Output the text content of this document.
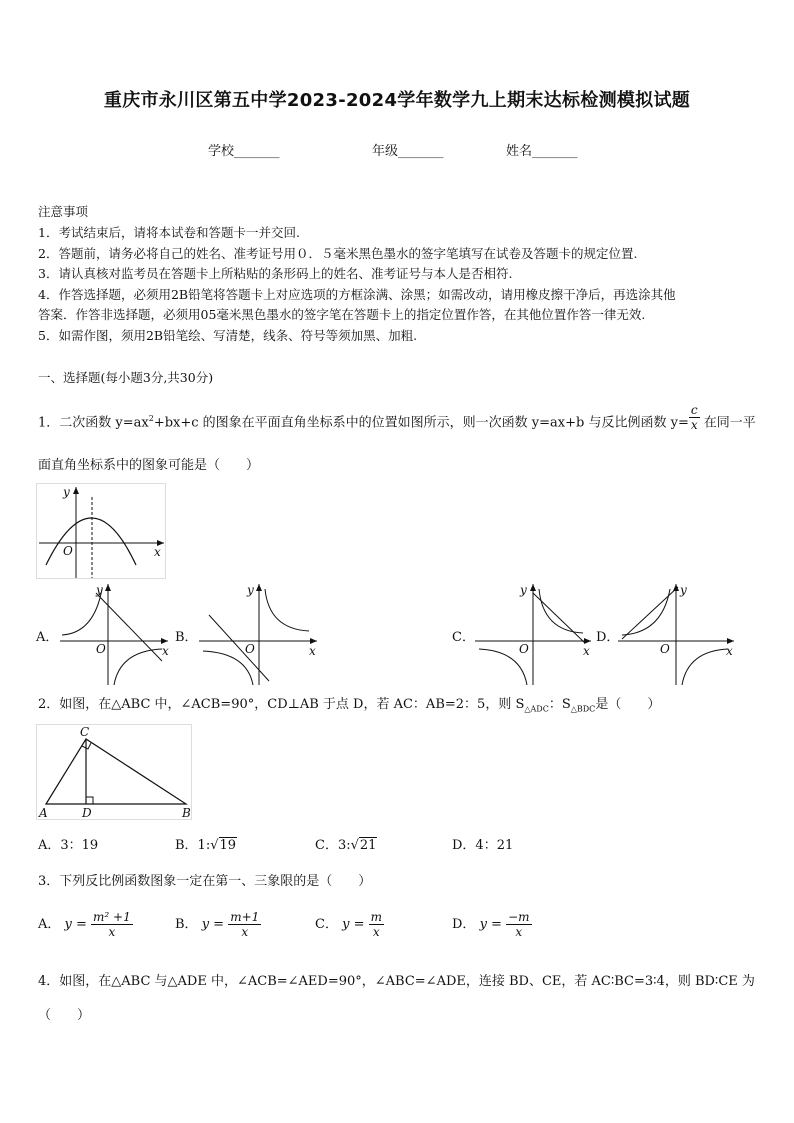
重庆市永川区第五中学2023-2024学年数学九上期末达标检测模拟试题
学校_______	年级_______	姓名_______
注意事项
1．考试结束后，请将本试卷和答题卡一并交回.
2．答题前，请务必将自己的姓名、准考证号用０．５毫米黑色墨水的签字笔填写在试卷及答题卡的规定位置.
3．请认真核对监考员在答题卡上所粘贴的条形码上的姓名、准考证号与本人是否相符.
4．作答选择题，必须用2B铅笔将答题卡上对应选项的方框涂满、涂黑；如需改动，请用橡皮擦干净后，再选涂其他
答案．作答非选择题，必须用05毫米黑色墨水的签字笔在答题卡上的指定位置作答，在其他位置作答一律无效.
5．如需作图，须用2B铅笔绘、写清楚，线条、符号等须加黑、加粗.
一、选择题(每小题3分,共30分)
1．二次函数 $y=ax^2+bx+c$ 的图象在平面直角坐标系中的位置如图所示，则一次函数 y=ax+b 与反比例函数 $y= \frac{c}{x}$ 在同一平
面直角坐标系中的图象可能是（　　）
y
x
O
A．
y
x
O
B．
y
x
O
C．
y
x
O
D．
y
x
O
2．如图，在△ABC 中，∠ACB=90°，CD⊥AB 于点 D，若 AC：AB=2：5，则 $S_{\triangle ADC}$：$S_{\triangle BDC}$是（　　）
C
A	D	B
A．3：19	B．1:√19	C．3:√21	D．4：21
3．下列反比例函数图象一定在第一、三象限的是（　　）
A． $y = \frac{\text{m² +1}}{x}$	B． $y = \frac{m+1}{x}$	C． $y = \frac{m}{x}$	D． $y = \frac{-m}{x}$
4．如图，在△ABC 与△ADE 中，∠ACB=∠AED=90°，∠ABC=∠ADE，连接 BD、CE，若 AC∶BC=3∶4，则 BD∶CE 为
（　　）
